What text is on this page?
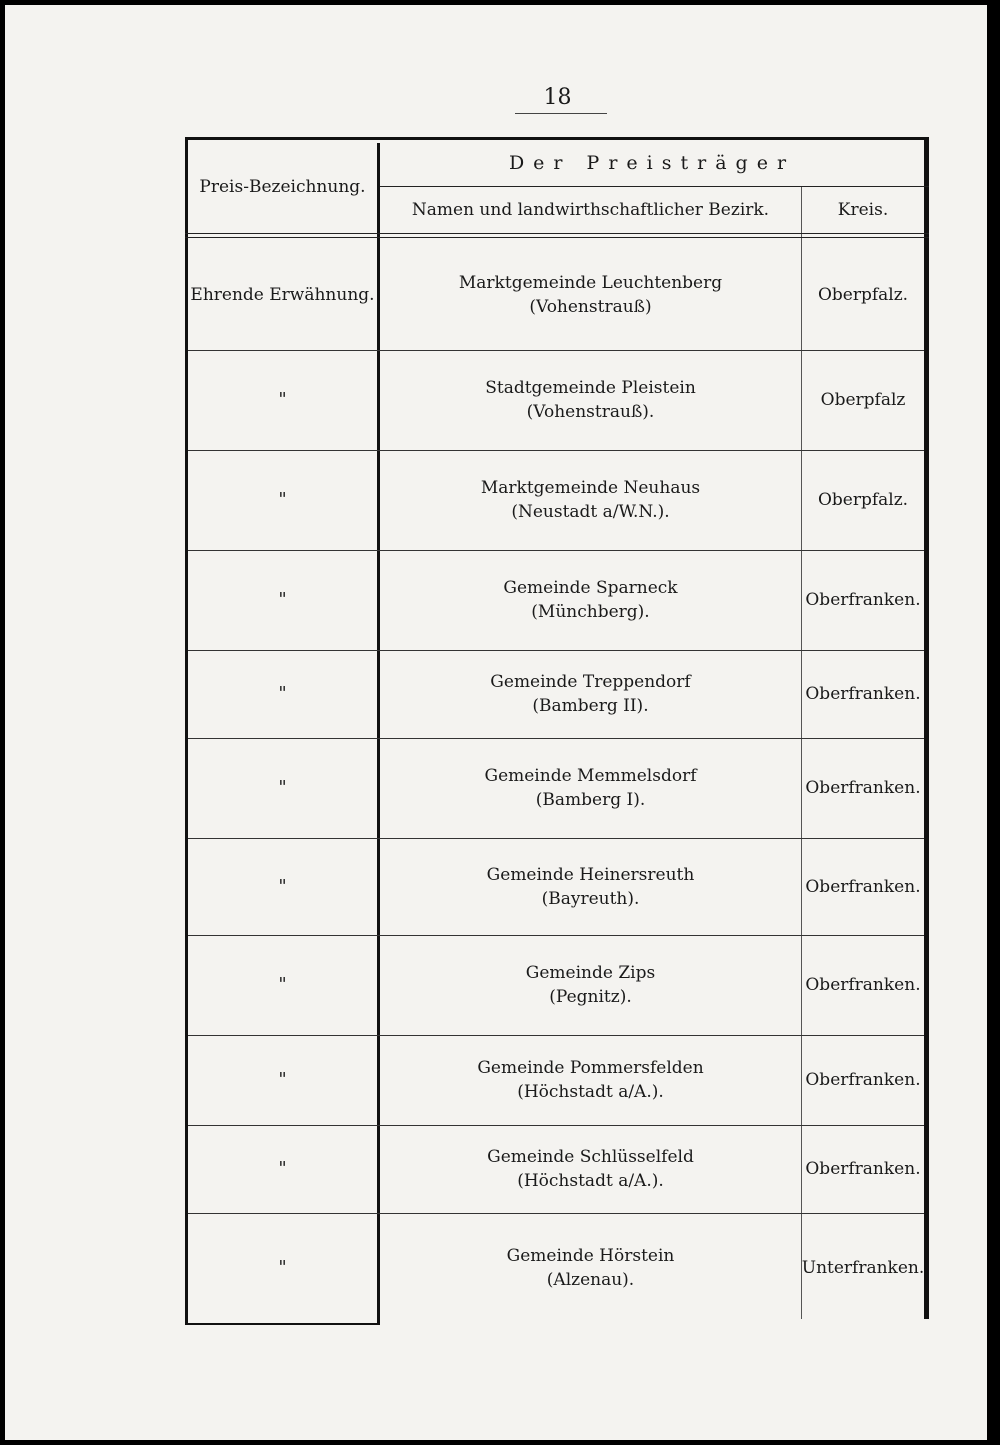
18
Preis-Bezeichnung.
Der Preisträger
Namen und landwirthschaftlicher Bezirk.	Kreis.
Ehrende Erwähnung.
Marktgemeinde Leuchtenberg
(Vohenstrauß)
Oberpfalz.
"
Stadtgemeinde Pleistein
(Vohenstrauß).
Oberpfalz
"
Marktgemeinde Neuhaus
(Neustadt a/W.N.).
Oberpfalz.
"
Gemeinde Sparneck
(Münchberg).
Oberfranken.
"
Gemeinde Treppendorf
(Bamberg II).
Oberfranken.
"
Gemeinde Memmelsdorf
(Bamberg I).
Oberfranken.
"
Gemeinde Heinersreuth
(Bayreuth).
Oberfranken.
"
Gemeinde Zips
(Pegnitz).
Oberfranken.
"
Gemeinde Pommersfelden
(Höchstadt a/A.).
Oberfranken.
"
Gemeinde Schlüsselfeld
(Höchstadt a/A.).
Oberfranken.
"
Gemeinde Hörstein
(Alzenau).
Unterfranken.
